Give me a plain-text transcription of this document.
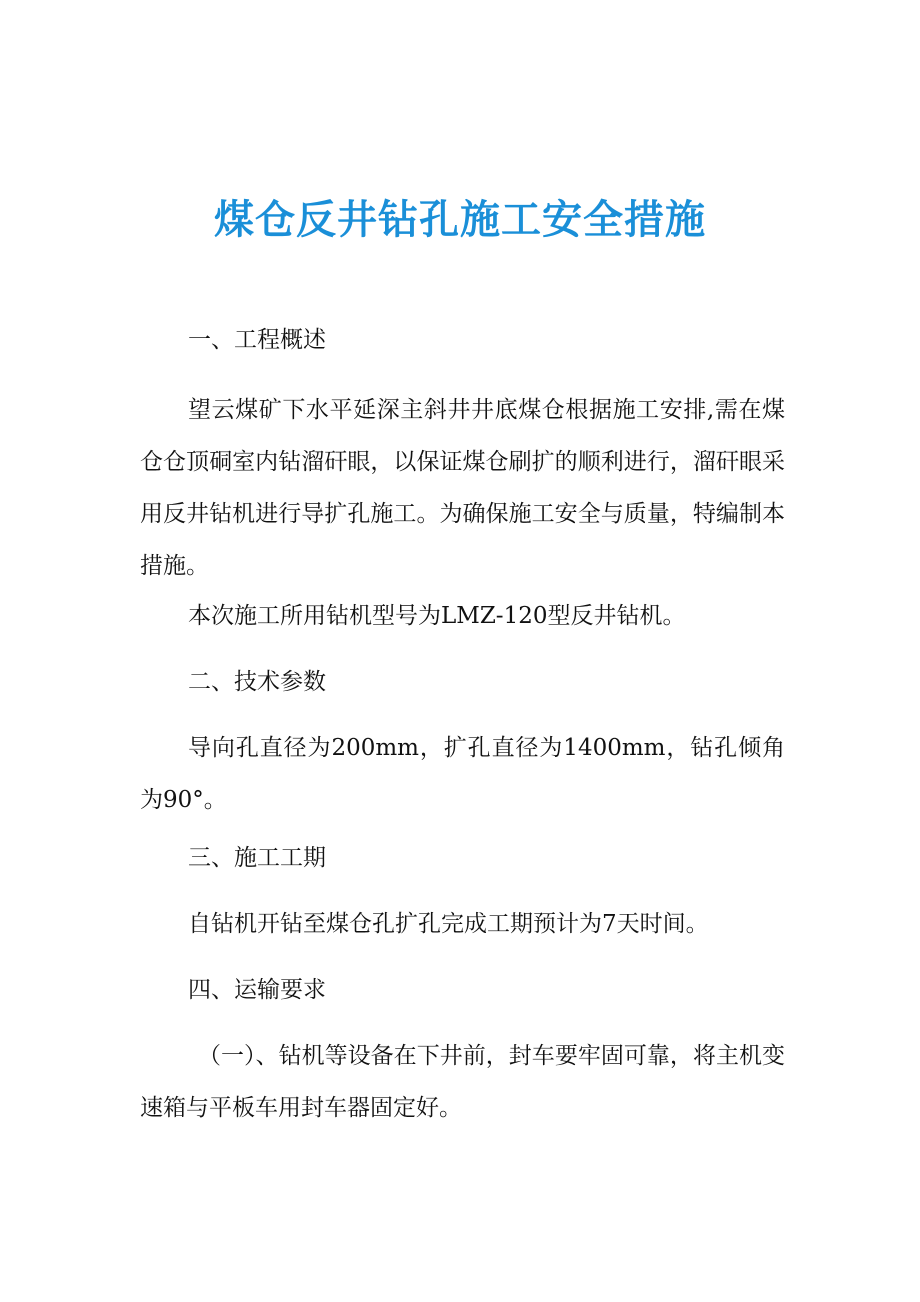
煤仓反井钻孔施工安全措施

一、工程概述

望云煤矿下水平延深主斜井井底煤仓根据施工安排,需在煤仓仓顶硐室内钻溜矸眼，以保证煤仓刷扩的顺利进行，溜矸眼采用反井钻机进行导扩孔施工。为确保施工安全与质量，特编制本措施。

本次施工所用钻机型号为LMZ-120型反井钻机。

二、技术参数

导向孔直径为200mm，扩孔直径为1400mm，钻孔倾角为90°。

三、施工工期

自钻机开钻至煤仓孔扩孔完成工期预计为7天时间。

四、运输要求

（一）、钻机等设备在下井前，封车要牢固可靠，将主机变速箱与平板车用封车器固定好。
